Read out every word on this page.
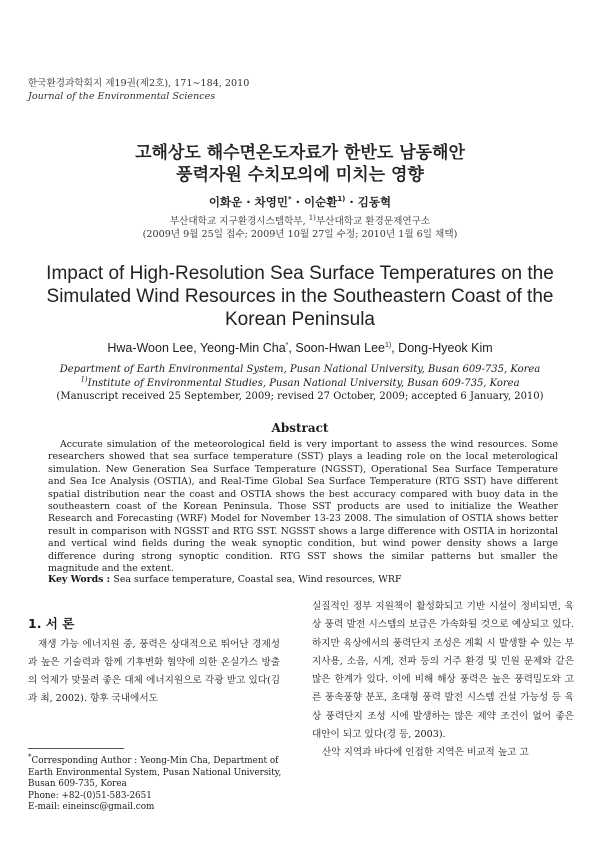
한국환경과학회지 제19권(제2호), 171∼184, 2010
Journal of the Environmental Sciences
고해상도 해수면온도자료가 한반도 남동해안
풍력자원 수치모의에 미치는 영향
이화운 · 차영민* · 이순환$^{1)}$ · 김동혁
부산대학교 지구환경시스템학부, $^{1)}$부산대학교 환경문제연구소
(2009년 9월 25일 접수; 2009년 10월 27일 수정; 2010년 1월 6일 채택)
Impact of High-Resolution Sea Surface Temperatures on the
Simulated Wind Resources in the Southeastern Coast of the
Korean Peninsula
Hwa-Woon Lee, Yeong-Min Cha*, Soon-Hwan Lee$^{1)}$, Dong-Hyeok Kim
Department of Earth Environmental System, Pusan National University, Busan 609-735, Korea
$^{1)}$Institute of Environmental Studies, Pusan National University, Busan 609-735, Korea
(Manuscript received 25 September, 2009; revised 27 October, 2009; accepted 6 January, 2010)
Abstract
Accurate simulation of the meteorological field is very important to assess the wind resources. Some researchers showed that sea surface temperature (SST) plays a leading role on the local meterological simulation. New Generation Sea Surface Temperature (NGSST), Operational Sea Surface Temperature and Sea Ice Analysis (OSTIA), and Real-Time Global Sea Surface Temperature (RTG SST) have different spatial distribution near the coast and OSTIA shows the best accuracy compared with buoy data in the southeastern coast of the Korean Peninsula. Those SST products are used to initialize the Weather Research and Forecasting (WRF) Model for November 13-23 2008. The simulation of OSTIA shows better result in comparison with NGSST and RTG SST. NGSST shows a large difference with OSTIA in horizontal and vertical wind fields during the weak synoptic condition, but wind power density shows a large difference during strong synoptic condition. RTG SST shows the similar patterns but smaller the magnitude and the extent.
Key Words : Sea surface temperature, Coastal sea, Wind resources, WRF
1. 서 론
재생 가능 에너지원 중, 풍력은 상대적으로 뛰어난 경제성과 높은 기술력과 함께 기후변화 협약에 의한 온실가스 방출의 억제가 맞물려 좋은 대체 에너지원으로 각광 받고 있다(김과 최, 2002). 향후 국내에서도
*Corresponding Author : Yeong-Min Cha, Department of Earth Environmental System, Pusan National University, Busan 609-735, Korea
Phone: +82-(0)51-583-2651
E-mail: eineinsc@gmail.com

실질적인 정부 지원책이 활성화되고 기반 시설이 정비되면, 육상 풍력 발전 시스템의 보급은 가속화될 것으로 예상되고 있다. 하지만 육상에서의 풍력단지 조성은 계획 시 발생할 수 있는 부지사용, 소음, 시계, 전파 등의 거주 환경 및 민원 문제와 같은 많은 한계가 있다. 이에 비해 해상 풍력은 높은 풍력밀도와 고른 풍속풍향 분포, 초대형 풍력 발전 시스템 건설 가능성 등 육상 풍력단지 조성 시에 발생하는 많은 제약 조건이 없어 좋은 대안이 되고 있다(경 등, 2003).

산악 지역과 바다에 인접한 지역은 비교적 높고 고
